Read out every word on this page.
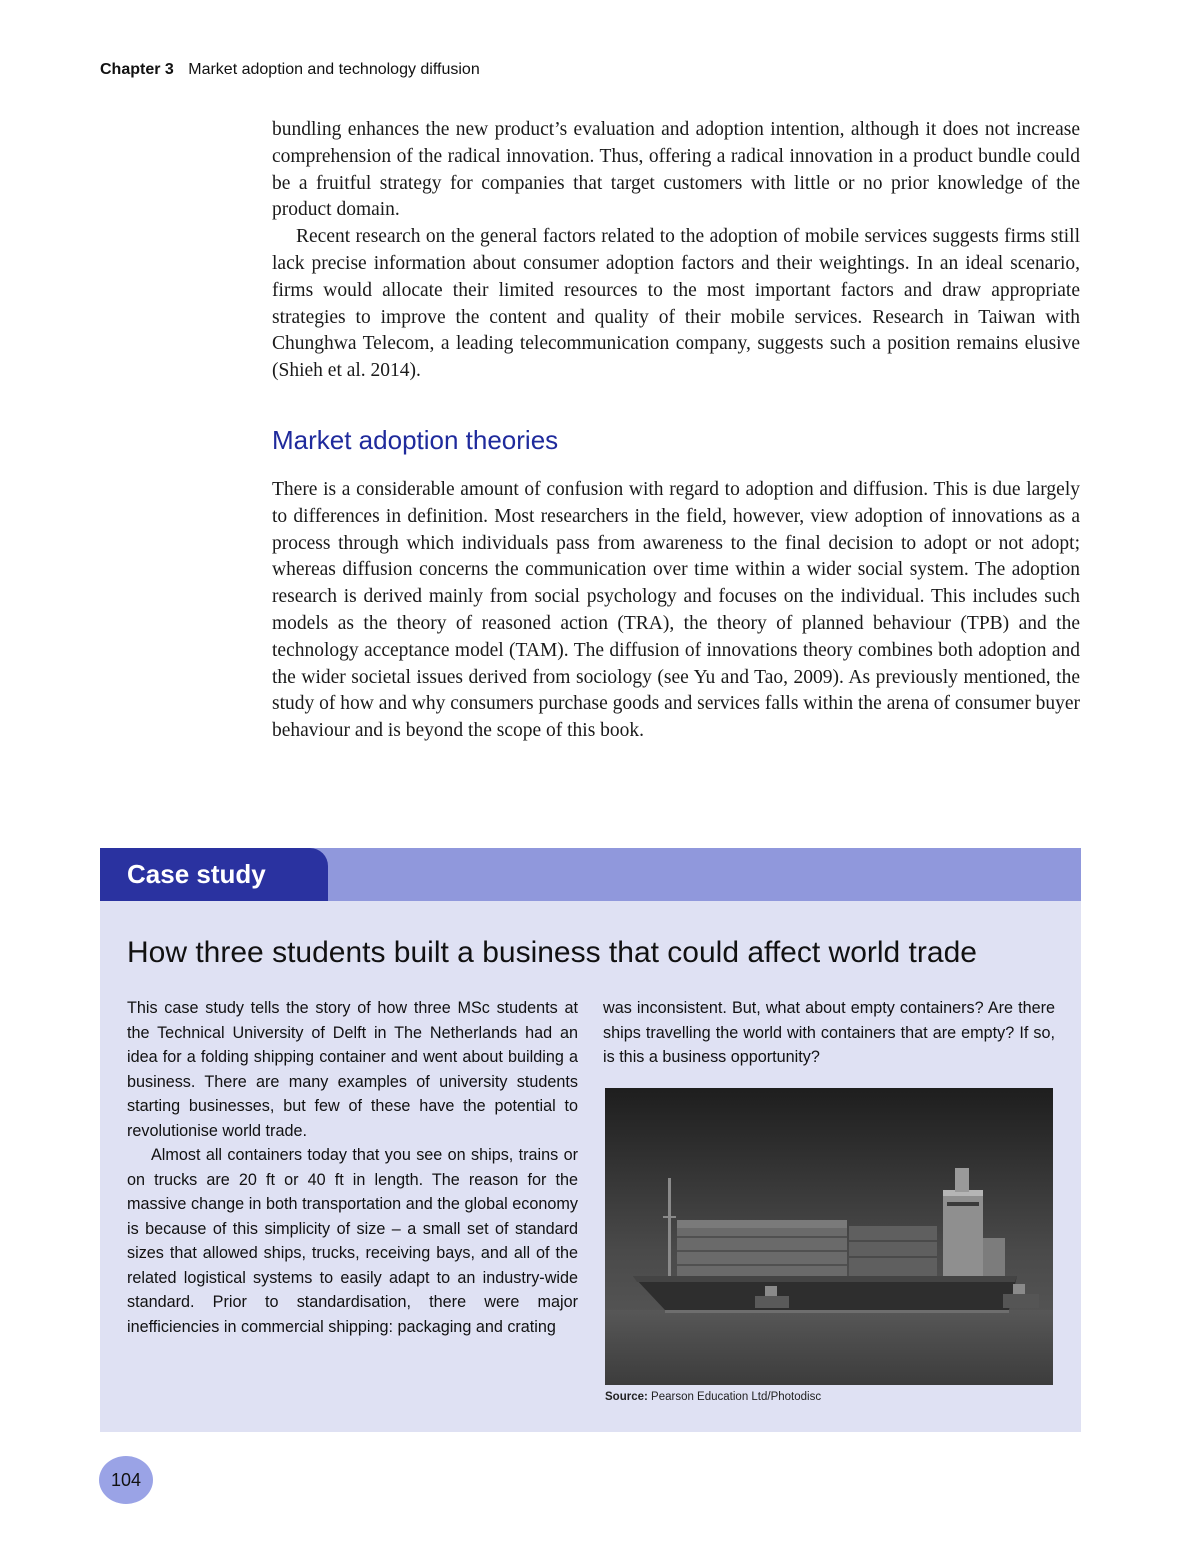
Chapter 3 Market adoption and technology diffusion

bundling enhances the new product’s evaluation and adoption intention, although it does not increase comprehension of the radical innovation. Thus, offering a radical innovation in a product bundle could be a fruitful strategy for companies that target customers with little or no prior knowledge of the product domain.

Recent research on the general factors related to the adoption of mobile services suggests firms still lack precise information about consumer adoption factors and their weightings. In an ideal scenario, firms would allocate their limited resources to the most important factors and draw appropriate strategies to improve the content and quality of their mobile services. Research in Taiwan with Chunghwa Telecom, a leading telecommunication company, suggests such a position remains elusive (Shieh et al. 2014).

Market adoption theories

There is a considerable amount of confusion with regard to adoption and diffusion. This is due largely to differences in definition. Most researchers in the field, however, view adoption of innovations as a process through which individuals pass from awareness to the final decision to adopt or not adopt; whereas diffusion concerns the communication over time within a wider social system. The adoption research is derived mainly from social psychology and focuses on the individual. This includes such models as the theory of reasoned action (TRA), the theory of planned behaviour (TPB) and the technology acceptance model (TAM). The diffusion of innovations theory combines both adoption and the wider societal issues derived from sociology (see Yu and Tao, 2009). As previously mentioned, the study of how and why consumers purchase goods and services falls within the arena of consumer buyer behaviour and is beyond the scope of this book.

Case study
How three students built a business that could affect world trade

This case study tells the story of how three MSc students at the Technical University of Delft in The Netherlands had an idea for a folding shipping container and went about building a business. There are many examples of university students starting businesses, but few of these have the potential to revolutionise world trade.

Almost all containers today that you see on ships, trains or on trucks are 20 ft or 40 ft in length. The reason for the massive change in both transportation and the global economy is because of this simplicity of size – a small set of standard sizes that allowed ships, trucks, receiving bays, and all of the related logistical systems to easily adapt to an industry-wide standard. Prior to standardisation, there were major inefficiencies in commercial shipping: packaging and crating

was inconsistent. But, what about empty containers? Are there ships travelling the world with containers that are empty? If so, is this a business opportunity?

Source: Pearson Education Ltd/Photodisc
104
